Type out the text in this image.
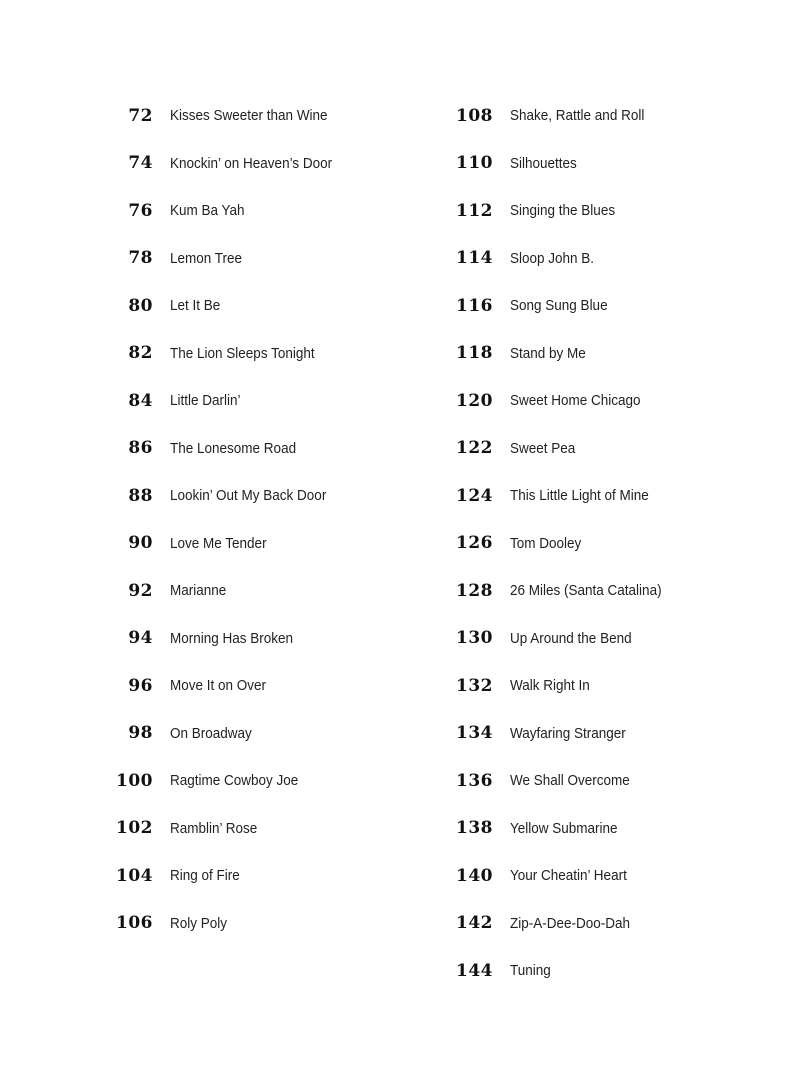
72 Kisses Sweeter than Wine
74 Knockin’ on Heaven’s Door
76 Kum Ba Yah
78 Lemon Tree
80 Let It Be
82 The Lion Sleeps Tonight
84 Little Darlin’
86 The Lonesome Road
88 Lookin’ Out My Back Door
90 Love Me Tender
92 Marianne
94 Morning Has Broken
96 Move It on Over
98 On Broadway
100 Ragtime Cowboy Joe
102 Ramblin’ Rose
104 Ring of Fire
106 Roly Poly
108 Shake, Rattle and Roll
110 Silhouettes
112 Singing the Blues
114 Sloop John B.
116 Song Sung Blue
118 Stand by Me
120 Sweet Home Chicago
122 Sweet Pea
124 This Little Light of Mine
126 Tom Dooley
128 26 Miles (Santa Catalina)
130 Up Around the Bend
132 Walk Right In
134 Wayfaring Stranger
136 We Shall Overcome
138 Yellow Submarine
140 Your Cheatin’ Heart
142 Zip-A-Dee-Doo-Dah
144 Tuning
